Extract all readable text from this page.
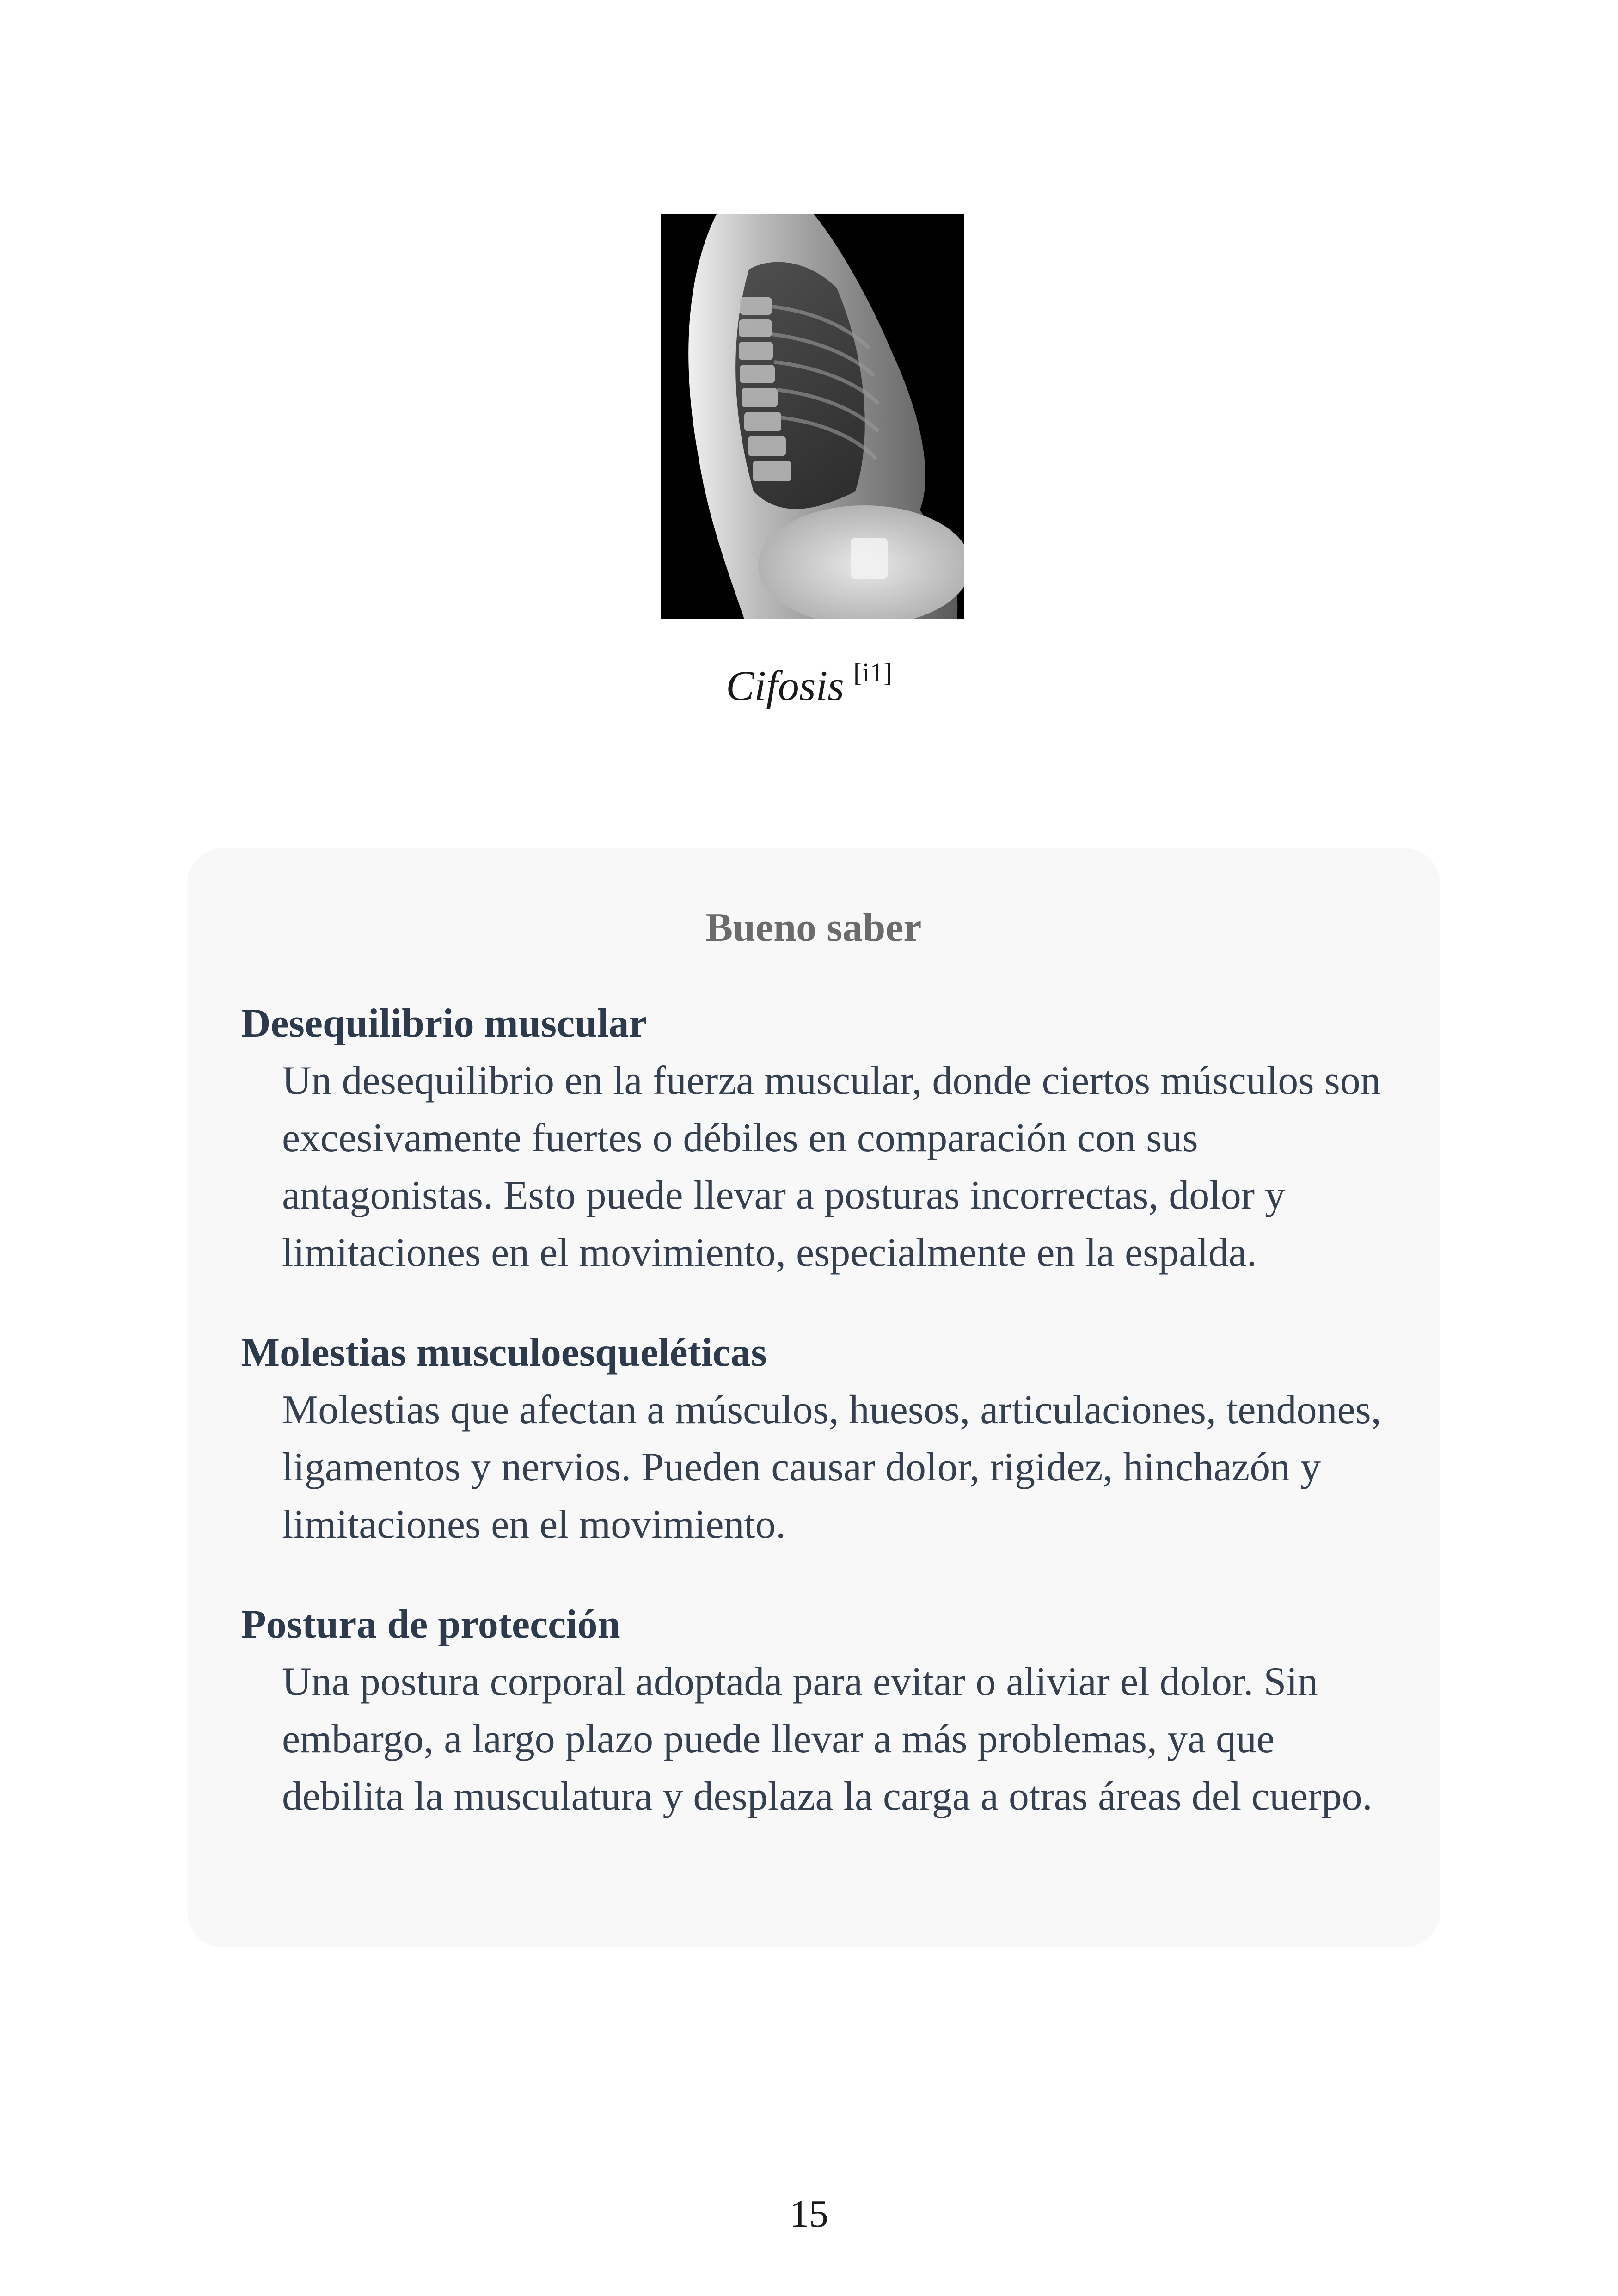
Cifosis [i1]
Bueno saber
Desequilibrio muscular
Un desequilibrio en la fuerza muscular, donde ciertos músculos son excesivamente fuertes o débiles en comparación con sus antagonistas. Esto puede llevar a posturas incorrectas, dolor y limitaciones en el movimiento, especialmente en la espalda.
Molestias musculoesqueléticas
Molestias que afectan a músculos, huesos, articulaciones, tendones, ligamentos y nervios. Pueden causar dolor, rigidez, hinchazón y limitaciones en el movimiento.
Postura de protección
Una postura corporal adoptada para evitar o aliviar el dolor. Sin embargo, a largo plazo puede llevar a más problemas, ya que debilita la musculatura y desplaza la carga a otras áreas del cuerpo.
15
